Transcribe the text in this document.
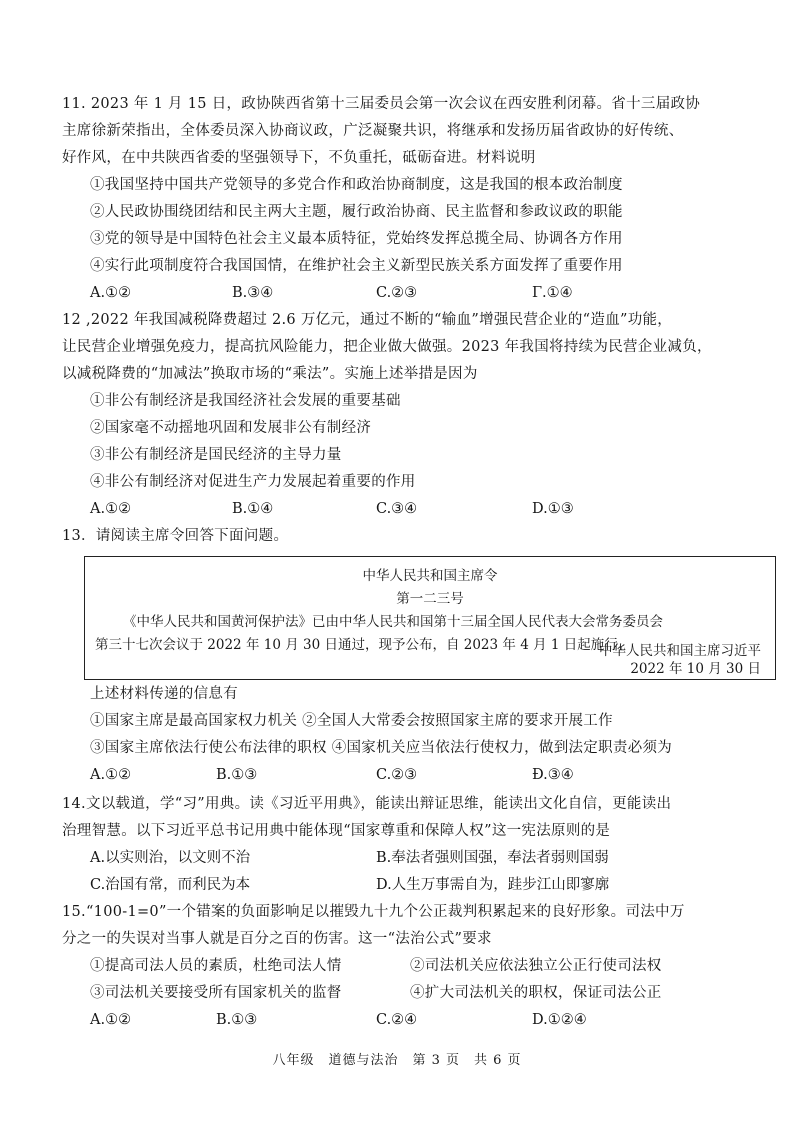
11. 2023 年 1 月 15 日，政协陕西省第十三届委员会第一次会议在西安胜利闭幕。省十三届政协
主席徐新荣指出，全体委员深入协商议政，广泛凝聚共识，将继承和发扬历届省政协的好传统、
好作风，在中共陕西省委的坚强领导下，不负重托，砥砺奋进。材料说明
①我国坚持中国共产党领导的多党合作和政治协商制度，这是我国的根本政治制度
②人民政协围绕团结和民主两大主题，履行政治协商、民主监督和参政议政的职能
③党的领导是中国特色社会主义最本质特征，党始终发挥总揽全局、协调各方作用
④实行此项制度符合我国国情，在维护社会主义新型民族关系方面发挥了重要作用
A.①②	B.③④	C.②③	Γ.①④
12 ,2022 年我国减税降费超过 2.6 万亿元，通过不断的“输血”增强民营企业的“造血”功能，
让民营企业增强免疫力，提高抗风险能力，把企业做大做强。2023 年我国将持续为民营企业减负，
以减税降费的“加减法”换取市场的“乘法”。实施上述举措是因为
①非公有制经济是我国经济社会发展的重要基础
②国家毫不动摇地巩固和发展非公有制经济
③非公有制经济是国民经济的主导力量
④非公有制经济对促进生产力发展起着重要的作用
A.①②	B.①④	C.③④	D.①③
13．请阅读主席令回答下面问题。
中华人民共和国主席令
第一二三号
《中华人民共和国黄河保护法》已由中华人民共和国第十三届全国人民代表大会常务委员会
第三十七次会议于 2022 年 10 月 30 日通过，现予公布，自 2023 年 4 月 1 日起施行。
中华人民共和国主席习近平
2022 年 10 月 30 日
上述材料传递的信息有
①国家主席是最高国家权力机关 ②全国人大常委会按照国家主席的要求开展工作
③国家主席依法行使公布法律的职权 ④国家机关应当依法行使权力，做到法定职责必须为
A.①②	B.①③	C.②③	Đ.③④
14.文以载道，学“习”用典。读《习近平用典》，能读出辩证思维，能读出文化自信，更能读出
治理智慧。以下习近平总书记用典中能体现“国家尊重和保障人权”这一宪法原则的是
A.以实则治，以文则不治	B.奉法者强则国强，奉法者弱则国弱
C.治国有常，而利民为本	D.人生万事需自为，跬步江山即寥廓
15.“100-1=0”一个错案的负面影响足以摧毁九十九个公正裁判积累起来的良好形象。司法中万
分之一的失误对当事人就是百分之百的伤害。这一“法治公式”要求
①提高司法人员的素质，杜绝司法人情	②司法机关应依法独立公正行使司法权
③司法机关要接受所有国家机关的监督	④扩大司法机关的职权，保证司法公正
A.①②	B.①③	C.②④	D.①②④
八年级　道德与法治　第 3 页　共 6 页
